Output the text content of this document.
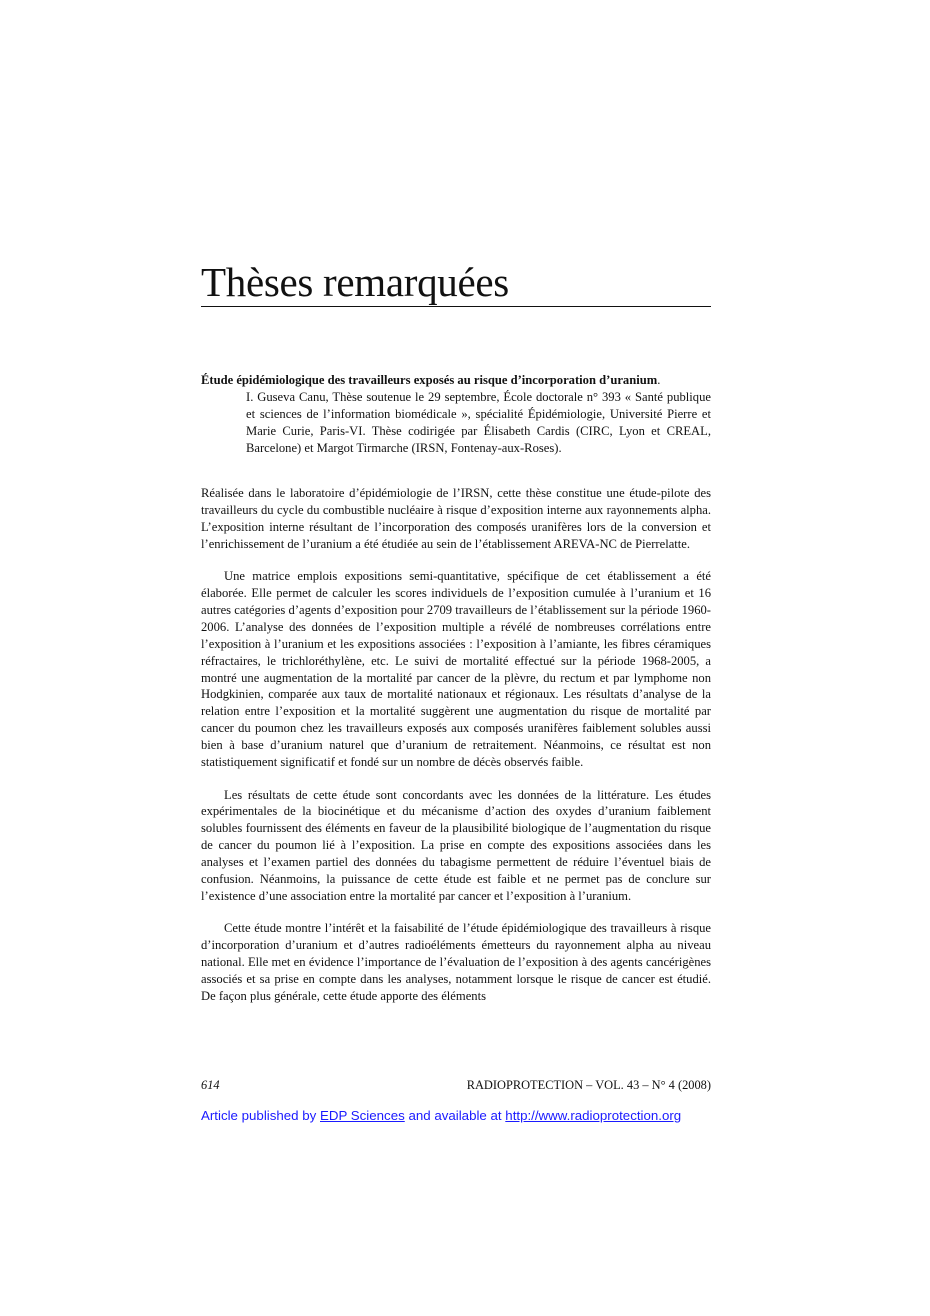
Thèses remarquées
Étude épidémiologique des travailleurs exposés au risque d’incorporation d’uranium.
I. Guseva Canu, Thèse soutenue le 29 septembre, École doctorale n° 393 « Santé publique et sciences de l’information biomédicale », spécialité Épidémiologie, Université Pierre et Marie Curie, Paris-VI. Thèse codirigée par Élisabeth Cardis (CIRC, Lyon et CREAL, Barcelone) et Margot Tirmarche (IRSN, Fontenay-aux-Roses).

Réalisée dans le laboratoire d’épidémiologie de l’IRSN, cette thèse constitue une étude-pilote des travailleurs du cycle du combustible nucléaire à risque d’exposition interne aux rayonnements alpha. L’exposition interne résultant de l’incorporation des composés uranifères lors de la conversion et l’enrichissement de l’uranium a été étudiée au sein de l’établissement AREVA-NC de Pierrelatte.

Une matrice emplois expositions semi-quantitative, spécifique de cet établissement a été élaborée. Elle permet de calculer les scores individuels de l’exposition cumulée à l’uranium et 16 autres catégories d’agents d’exposition pour 2709 travailleurs de l’établissement sur la période 1960-2006. L’analyse des données de l’exposition multiple a révélé de nombreuses corrélations entre l’exposition à l’uranium et les expositions associées : l’exposition à l’amiante, les fibres céramiques réfractaires, le trichloréthylène, etc. Le suivi de mortalité effectué sur la période 1968-2005, a montré une augmentation de la mortalité par cancer de la plèvre, du rectum et par lymphome non Hodgkinien, comparée aux taux de mortalité nationaux et régionaux. Les résultats d’analyse de la relation entre l’exposition et la mortalité suggèrent une augmentation du risque de mortalité par cancer du poumon chez les travailleurs exposés aux composés uranifères faiblement solubles aussi bien à base d’uranium naturel que d’uranium de retraitement. Néanmoins, ce résultat est non statistiquement significatif et fondé sur un nombre de décès observés faible.

Les résultats de cette étude sont concordants avec les données de la littérature. Les études expérimentales de la biocinétique et du mécanisme d’action des oxydes d’uranium faiblement solubles fournissent des éléments en faveur de la plausibilité biologique de l’augmentation du risque de cancer du poumon lié à l’exposition. La prise en compte des expositions associées dans les analyses et l’examen partiel des données du tabagisme permettent de réduire l’éventuel biais de confusion. Néanmoins, la puissance de cette étude est faible et ne permet pas de conclure sur l’existence d’une association entre la mortalité par cancer et l’exposition à l’uranium.

Cette étude montre l’intérêt et la faisabilité de l’étude épidémiologique des travailleurs à risque d’incorporation d’uranium et d’autres radioéléments émetteurs du rayonnement alpha au niveau national. Elle met en évidence l’importance de l’évaluation de l’exposition à des agents cancérigènes associés et sa prise en compte dans les analyses, notamment lorsque le risque de cancer est étudié. De façon plus générale, cette étude apporte des éléments

614	RADIOPROTECTION – VOL. 43 – N° 4 (2008)
Article published by EDP Sciences and available at http://www.radioprotection.org
